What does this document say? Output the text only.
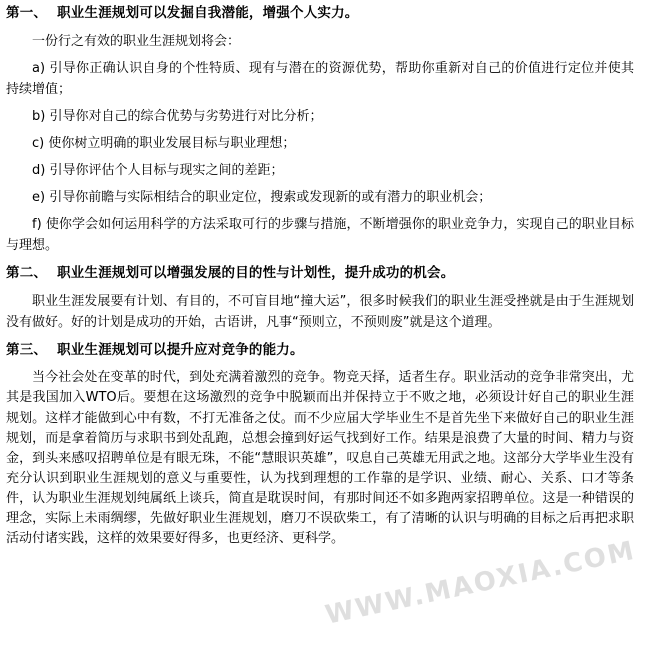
第一、 职业生涯规划可以发掘自我潜能，增强个人实力。
一份行之有效的职业生涯规划将会：
a) 引导你正确认识自身的个性特质、现有与潜在的资源优势，帮助你重新对自己的价值进行定位并使其持续增值；
b) 引导你对自己的综合优势与劣势进行对比分析；
c) 使你树立明确的职业发展目标与职业理想；
d) 引导你评估个人目标与现实之间的差距；
e) 引导你前瞻与实际相结合的职业定位，搜索或发现新的或有潜力的职业机会；
f) 使你学会如何运用科学的方法采取可行的步骤与措施，不断增强你的职业竞争力，实现自己的职业目标与理想。
第二、 职业生涯规划可以增强发展的目的性与计划性，提升成功的机会。
职业生涯发展要有计划、有目的，不可盲目地“撞大运”，很多时候我们的职业生涯受挫就是由于生涯规划没有做好。好的计划是成功的开始，古语讲，凡事“预则立，不预则废”就是这个道理。
第三、 职业生涯规划可以提升应对竞争的能力。
当今社会处在变革的时代，到处充满着激烈的竞争。物竞天择，适者生存。职业活动的竞争非常突出，尤其是我国加入WTO后。要想在这场激烈的竞争中脱颖而出并保持立于不败之地，必须设计好自己的职业生涯规划。这样才能做到心中有数，不打无准备之仗。而不少应届大学毕业生不是首先坐下来做好自己的职业生涯规划，而是拿着简历与求职书到处乱跑，总想会撞到好运气找到好工作。结果是浪费了大量的时间、精力与资金，到头来感叹招聘单位是有眼无珠，不能“慧眼识英雄”，叹息自己英雄无用武之地。这部分大学毕业生没有充分认识到职业生涯规划的意义与重要性，认为找到理想的工作靠的是学识、业绩、耐心、关系、口才等条件，认为职业生涯规划纯属纸上谈兵，简直是耽误时间，有那时间还不如多跑两家招聘单位。这是一种错误的理念，实际上未雨绸缪，先做好职业生涯规划，磨刀不误砍柴工，有了清晰的认识与明确的目标之后再把求职活动付诸实践，这样的效果要好得多，也更经济、更科学。
WWW.MAOXIA.COM
